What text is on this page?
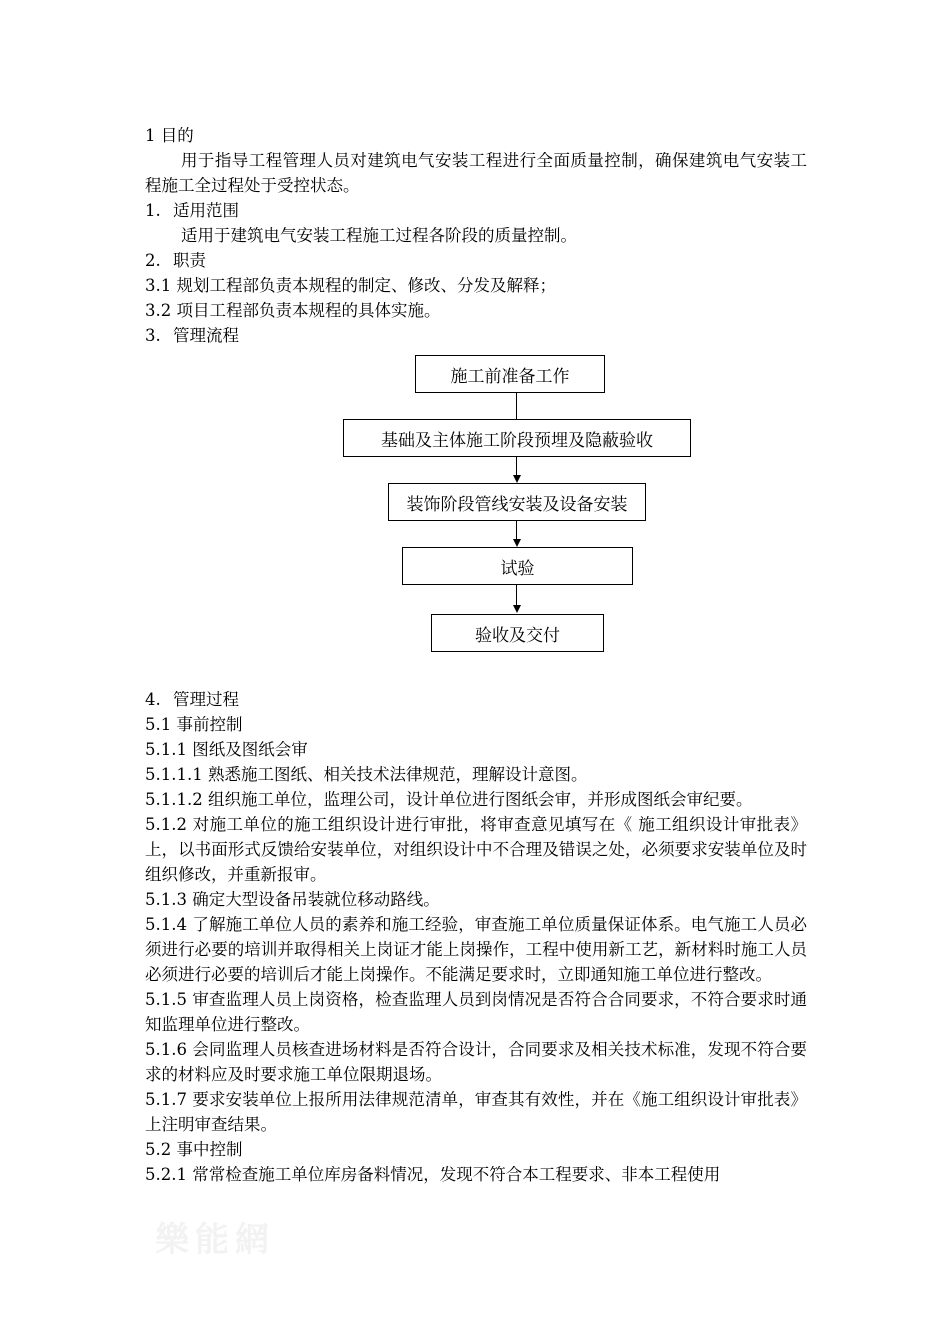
1 目的
用于指导工程管理人员对建筑电气安装工程进行全面质量控制，确保建筑电气安装工程施工全过程处于受控状态。
1. 适用范围
适用于建筑电气安装工程施工过程各阶段的质量控制。
2. 职责
3.1 规划工程部负责本规程的制定、修改、分发及解释；
3.2 项目工程部负责本规程的具体实施。
3. 管理流程
施工前准备工作
基础及主体施工阶段预埋及隐蔽验收
装饰阶段管线安装及设备安装
试验
验收及交付
4. 管理过程
5.1 事前控制
5.1.1 图纸及图纸会审
5.1.1.1 熟悉施工图纸、相关技术法律规范，理解设计意图。
5.1.1.2 组织施工单位，监理公司，设计单位进行图纸会审，并形成图纸会审纪要。
5.1.2 对施工单位的施工组织设计进行审批，将审查意见填写在《 施工组织设计审批表》上，以书面形式反馈给安装单位，对组织设计中不合理及错误之处，必须要求安装单位及时组织修改，并重新报审。
5.1.3 确定大型设备吊装就位移动路线。
5.1.4 了解施工单位人员的素养和施工经验，审查施工单位质量保证体系。电气施工人员必须进行必要的培训并取得相关上岗证才能上岗操作，工程中使用新工艺，新材料时施工人员必须进行必要的培训后才能上岗操作。不能满足要求时，立即通知施工单位进行整改。
5.1.5 审查监理人员上岗资格，检查监理人员到岗情况是否符合合同要求，不符合要求时通知监理单位进行整改。
5.1.6 会同监理人员核查进场材料是否符合设计，合同要求及相关技术标准，发现不符合要求的材料应及时要求施工单位限期退场。
5.1.7 要求安装单位上报所用法律规范清单，审查其有效性，并在《施工组织设计审批表》上注明审查结果。
5.2 事中控制
5.2.1 常常检查施工单位库房备料情况，发现不符合本工程要求、非本工程使用
樂能網
